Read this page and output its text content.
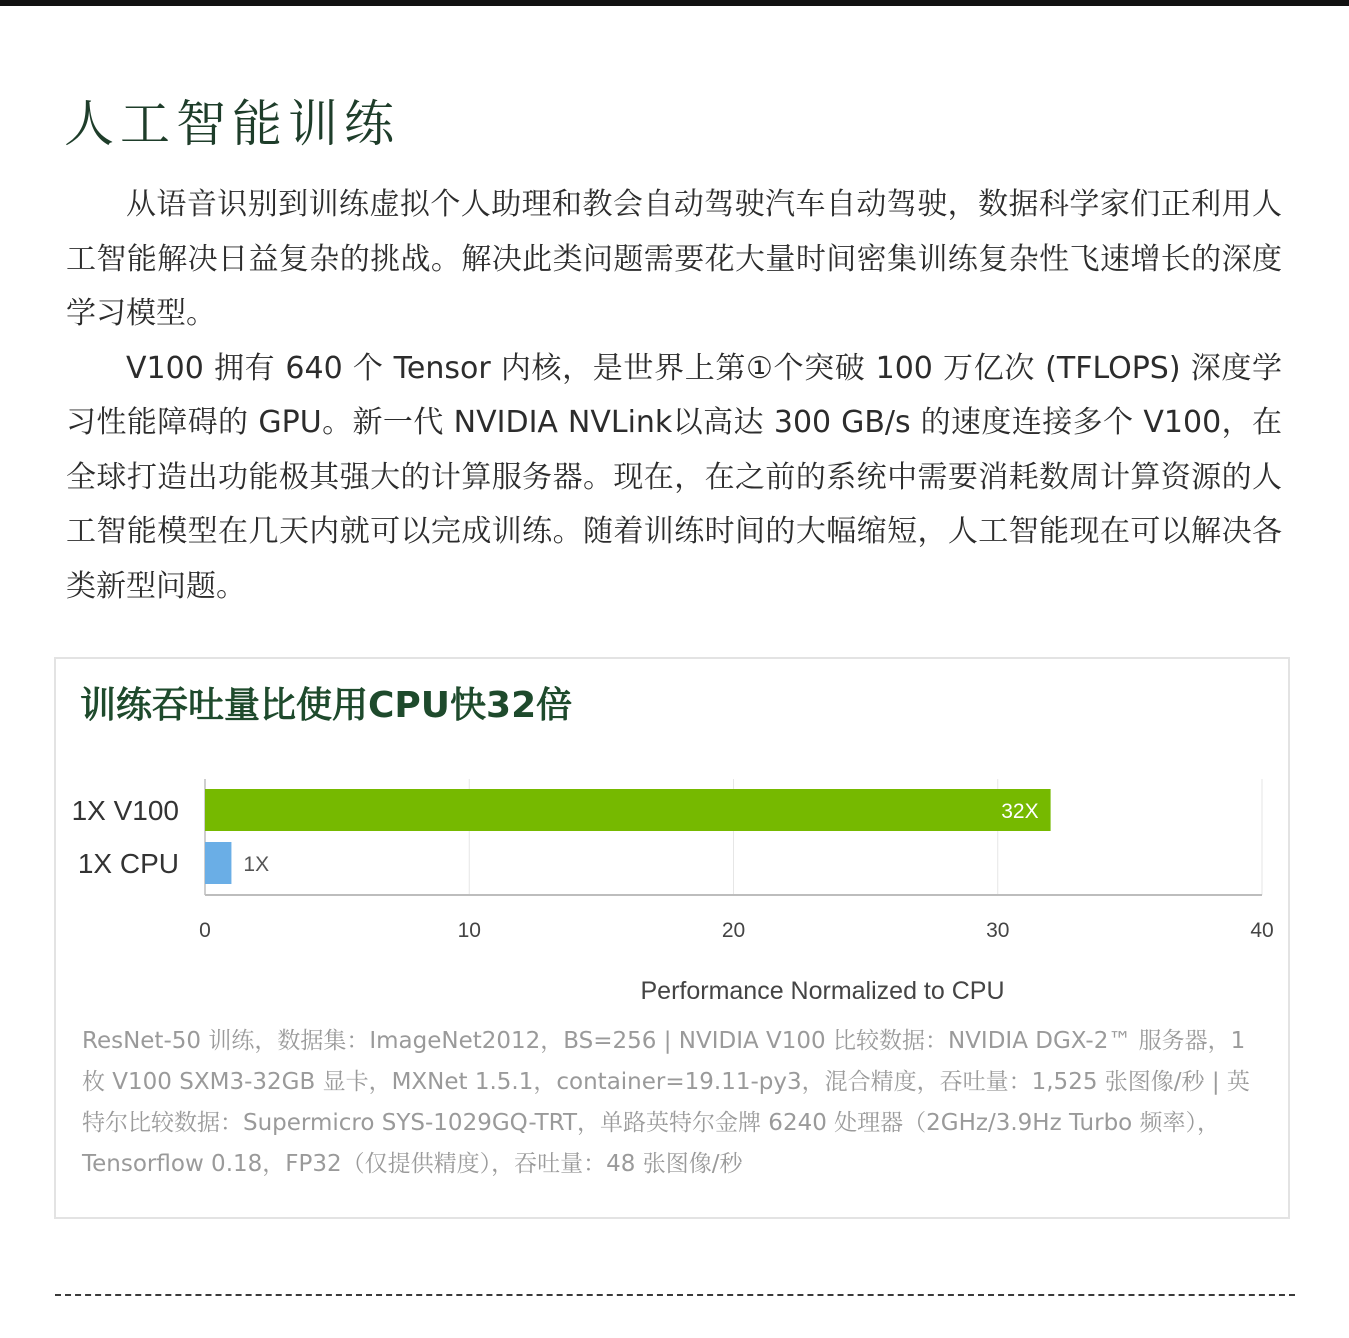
人工智能训练

从语音识别到训练虚拟个人助理和教会自动驾驶汽车自动驾驶，数据科学家们正利用人工智能解决日益复杂的挑战。解决此类问题需要花大量时间密集训练复杂性飞速增长的深度学习模型。

V100 拥有 640 个 Tensor 内核，是世界上第①个突破 100 万亿次 (TFLOPS) 深度学习性能障碍的 GPU。新一代 NVIDIA NVLink以高达 300 GB/s 的速度连接多个 V100，在全球打造出功能极其强大的计算服务器。现在，在之前的系统中需要消耗数周计算资源的人工智能模型在几天内就可以完成训练。随着训练时间的大幅缩短，人工智能现在可以解决各类新型问题。

训练吞吐量比使用CPU快32倍
1X V100	32X
1X CPU	1X
0	10	20	30	40
Performance Normalized to CPU

ResNet-50 训练，数据集：ImageNet2012，BS=256 | NVIDIA V100 比较数据：NVIDIA DGX-2™ 服务器，1枚 V100 SXM3-32GB 显卡，MXNet 1.5.1，container=19.11-py3，混合精度，吞吐量：1,525 张图像/秒 | 英特尔比较数据：Supermicro SYS-1029GQ-TRT，单路英特尔金牌 6240 处理器（2GHz/3.9Hz Turbo 频率），Tensorflow 0.18，FP32（仅提供精度），吞吐量：48 张图像/秒
